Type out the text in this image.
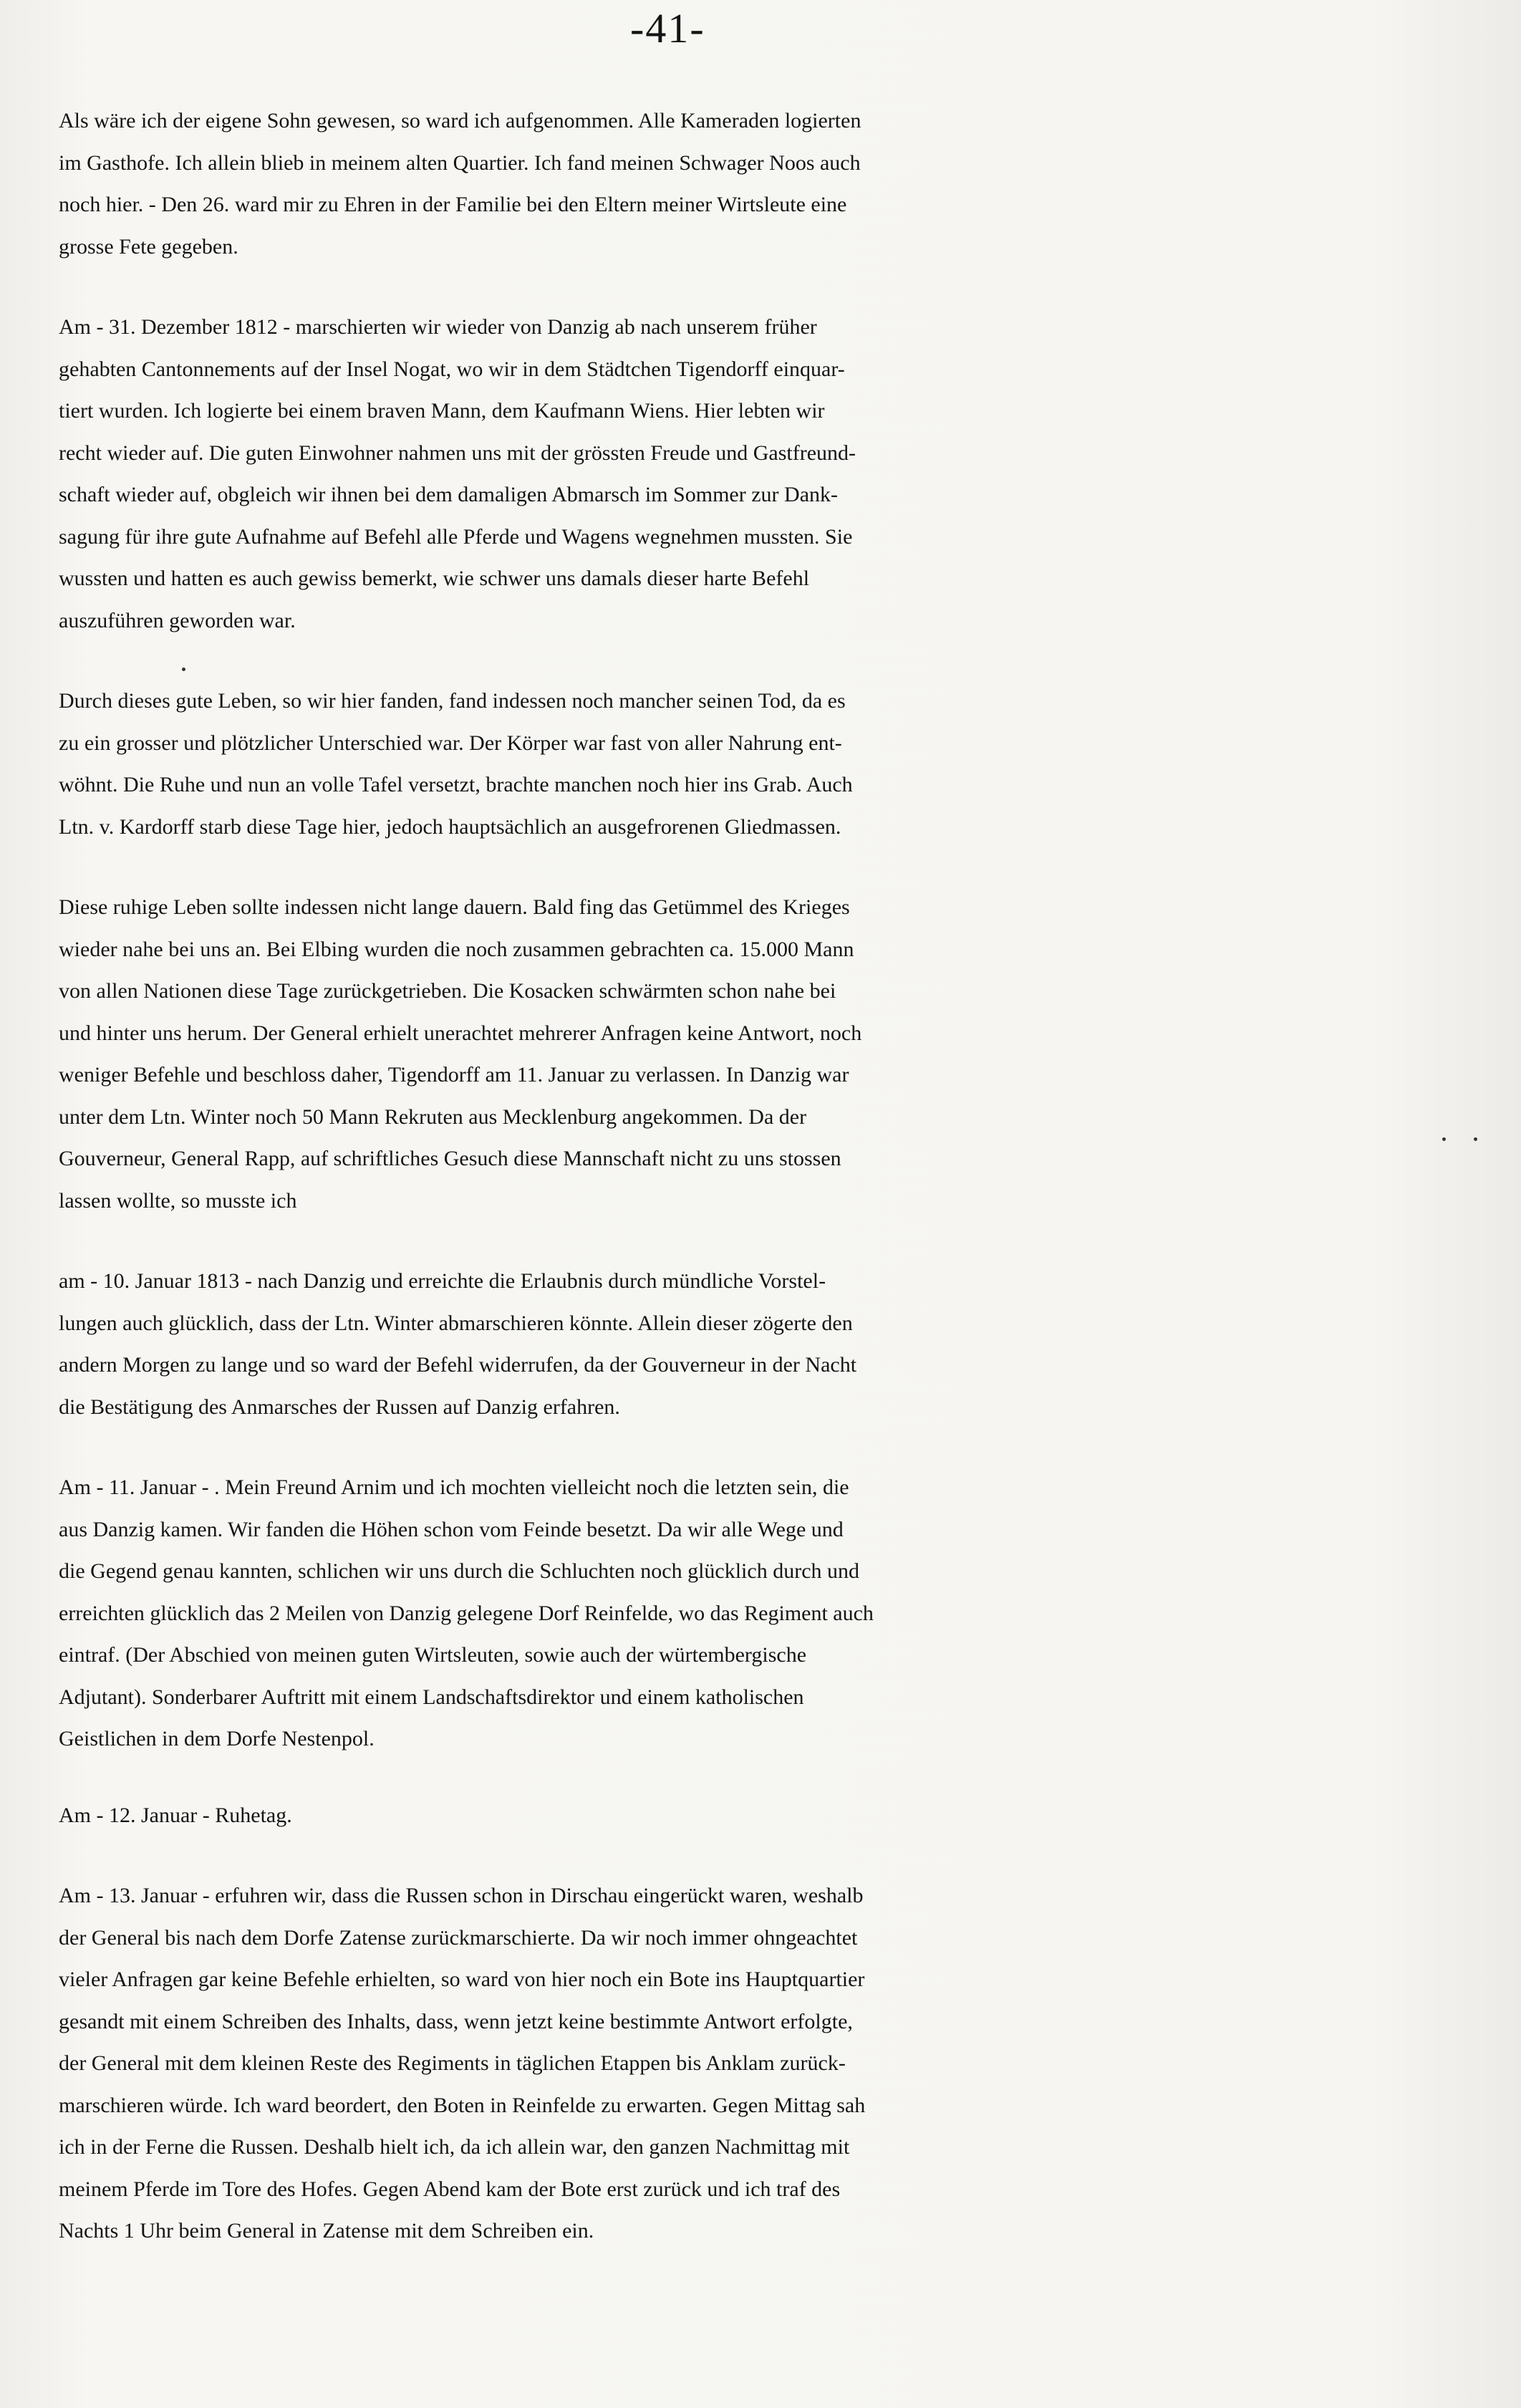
-41-

Als wäre ich der eigene Sohn gewesen, so ward ich aufgenommen. Alle Kameraden logierten
im Gasthofe. Ich allein blieb in meinem alten Quartier. Ich fand meinen Schwager Noos auch
noch hier. - Den 26. ward mir zu Ehren in der Familie bei den Eltern meiner Wirtsleute eine
grosse Fete gegeben.

Am - 31. Dezember 1812 - marschierten wir wieder von Danzig ab nach unserem früher
gehabten Cantonnements auf der Insel Nogat, wo wir in dem Städtchen Tigendorff einquar-
tiert wurden. Ich logierte bei einem braven Mann, dem Kaufmann Wiens. Hier lebten wir
recht wieder auf. Die guten Einwohner nahmen uns mit der grössten Freude und Gastfreund-
schaft wieder auf, obgleich wir ihnen bei dem damaligen Abmarsch im Sommer zur Dank-
sagung für ihre gute Aufnahme auf Befehl alle Pferde und Wagens wegnehmen mussten. Sie
wussten und hatten es auch gewiss bemerkt, wie schwer uns damals dieser harte Befehl
auszuführen geworden war.

Durch dieses gute Leben, so wir hier fanden, fand indessen noch mancher seinen Tod, da es
zu ein grosser und plötzlicher Unterschied war. Der Körper war fast von aller Nahrung ent-
wöhnt. Die Ruhe und nun an volle Tafel versetzt, brachte manchen noch hier ins Grab. Auch
Ltn. v. Kardorff starb diese Tage hier, jedoch hauptsächlich an ausgefrorenen Gliedmassen.

Diese ruhige Leben sollte indessen nicht lange dauern. Bald fing das Getümmel des Krieges
wieder nahe bei uns an. Bei Elbing wurden die noch zusammen gebrachten ca. 15.000 Mann
von allen Nationen diese Tage zurückgetrieben. Die Kosacken schwärmten schon nahe bei
und hinter uns herum. Der General erhielt unerachtet mehrerer Anfragen keine Antwort, noch
weniger Befehle und beschloss daher, Tigendorff am 11. Januar zu verlassen. In Danzig war
unter dem Ltn. Winter noch 50 Mann Rekruten aus Mecklenburg angekommen. Da der
Gouverneur, General Rapp, auf schriftliches Gesuch diese Mannschaft nicht zu uns stossen
lassen wollte, so musste ich

am - 10. Januar 1813 - nach Danzig und erreichte die Erlaubnis durch mündliche Vorstel-
lungen auch glücklich, dass der Ltn. Winter abmarschieren könnte. Allein dieser zögerte den
andern Morgen zu lange und so ward der Befehl widerrufen, da der Gouverneur in der Nacht
die Bestätigung des Anmarsches der Russen auf Danzig erfahren.

Am - 11. Januar - . Mein Freund Arnim und ich mochten vielleicht noch die letzten sein, die
aus Danzig kamen. Wir fanden die Höhen schon vom Feinde besetzt. Da wir alle Wege und
die Gegend genau kannten, schlichen wir uns durch die Schluchten noch glücklich durch und
erreichten glücklich das 2 Meilen von Danzig gelegene Dorf Reinfelde, wo das Regiment auch
eintraf. (Der Abschied von meinen guten Wirtsleuten, sowie auch der würtembergische
Adjutant). Sonderbarer Auftritt mit einem Landschaftsdirektor und einem katholischen
Geistlichen in dem Dorfe Nestenpol.

Am - 12. Januar - Ruhetag.

Am - 13. Januar - erfuhren wir, dass die Russen schon in Dirschau eingerückt waren, weshalb
der General bis nach dem Dorfe Zatense zurückmarschierte. Da wir noch immer ohngeachtet
vieler Anfragen gar keine Befehle erhielten, so ward von hier noch ein Bote ins Hauptquartier
gesandt mit einem Schreiben des Inhalts, dass, wenn jetzt keine bestimmte Antwort erfolgte,
der General mit dem kleinen Reste des Regiments in täglichen Etappen bis Anklam zurück-
marschieren würde. Ich ward beordert, den Boten in Reinfelde zu erwarten. Gegen Mittag sah
ich in der Ferne die Russen. Deshalb hielt ich, da ich allein war, den ganzen Nachmittag mit
meinem Pferde im Tore des Hofes. Gegen Abend kam der Bote erst zurück und ich traf des
Nachts 1 Uhr beim General in Zatense mit dem Schreiben ein.
